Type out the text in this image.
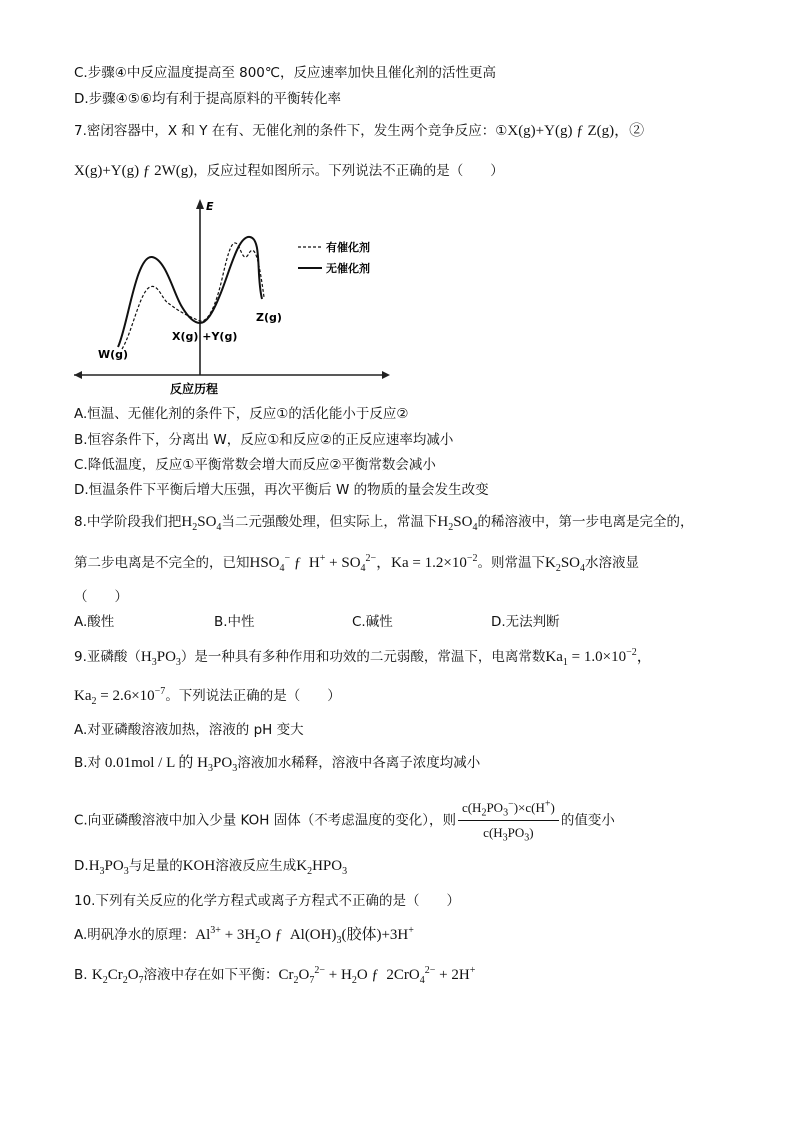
C.步骤④中反应温度提高至 800℃，反应速率加快且催化剂的活性更高
D.步骤④⑤⑥均有利于提高原料的平衡转化率
7.密闭容器中，X 和 Y 在有、无催化剂的条件下，发生两个竞争反应：①X(g)+Y(g) ƒ Z(g)，②
X(g)+Y(g) ƒ 2W(g)，反应过程如图所示。下列说法不正确的是（　　）
E
反应历程
有催化剂
无催化剂
W(g)
X(g) +Y(g)
Z(g)
A.恒温、无催化剂的条件下，反应①的活化能小于反应②
B.恒容条件下，分离出 W，反应①和反应②的正反应速率均减小
C.降低温度，反应①平衡常数会增大而反应②平衡常数会减小
D.恒温条件下平衡后增大压强，再次平衡后 W 的物质的量会发生改变
8.中学阶段我们把$H_2SO_4$当二元强酸处理，但实际上，常温下$H_2SO_4$的稀溶液中，第一步电离是完全的，
第二步电离是不完全的，已知$HSO_4^-$ ƒ  $H^+ + SO_4^{2-}$，$Ka = 1.2\times 10^{-2}$。则常温下$K_2SO_4$水溶液显
（　　）
A.酸性	B.中性	C.碱性	D.无法判断
9.亚磷酸$(H_3PO_3)$是一种具有多种作用和功效的二元弱酸，常温下，电离常数$Ka_1 = 1.0\times 10^{-2}$，
$Ka_2 = 2.6\times 10^{-7}$。下列说法正确的是（　　）
A.对亚磷酸溶液加热，溶液的 pH 变大
B.对 0.01mol / L 的 $H_3PO_3$溶液加水稀释，溶液中各离子浓度均减小
C.向亚磷酸溶液中加入少量 KOH 固体（不考虑温度的变化），则 $\frac{c(H_2PO_3^-)\times c(H^+)}{c(H_3PO_3)}$ 的值变小
$D.H_3PO_3$与足量的KOH溶液反应生成$K_2HPO_3$
10.下列有关反应的化学方程式或离子方程式不正确的是（　　）
A.明矾净水的原理：$Al^{3+} + 3H_2O$ ƒ  $Al(OH)_3$(胶体)+3H+
B. $K_2Cr_2O_7$溶液中存在如下平衡：$Cr_2O_7^{2-} + H_2O$ ƒ  2CrO$_4^{2-}$ + 2H+
